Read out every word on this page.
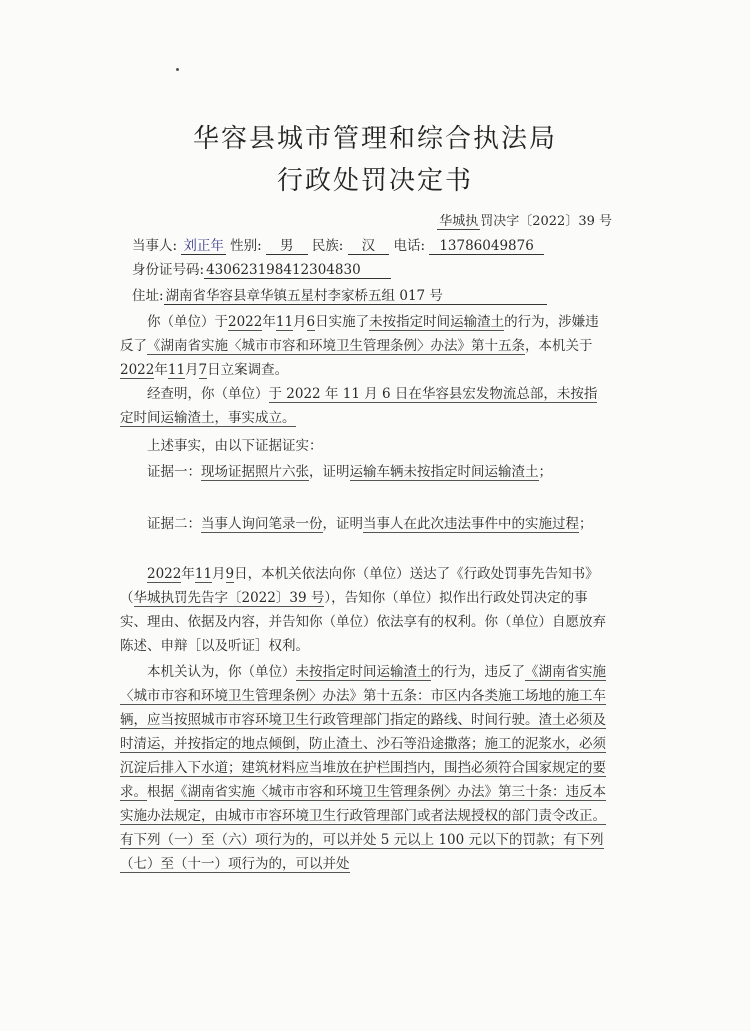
华容县城市管理和综合执法局
行政处罚决定书
华城执 罚决字〔2022〕39 号
当事人: 刘正年 性别: 男 民族: 汉 电话: 13786049876
身份证号码: 430623198412304830
住址: 湖南省华容县章华镇五星村李家桥五组 017 号
你（单位）于2022年11月6日实施了未按指定时间运输渣土的行为，涉嫌违反了《湖南省实施〈城市市容和环境卫生管理条例〉办法》第十五条，本机关于2022年11月7日立案调查。
经查明，你（单位）于 2022 年 11 月 6 日在华容县宏发物流总部，未按指定时间运输渣土，事实成立。
上述事实，由以下证据证实：
证据一：现场证据照片六张，证明运输车辆未按指定时间运输渣土；
证据二：当事人询问笔录一份，证明当事人在此次违法事件中的实施过程；
2022年11月9日，本机关依法向你（单位）送达了《行政处罚事先告知书》（华城执罚先告字〔2022〕39 号），告知你（单位）拟作出行政处罚决定的事实、理由、依据及内容，并告知你（单位）依法享有的权利。你（单位）自愿放弃陈述、申辩［以及听证］权利。
本机关认为，你（单位）未按指定时间运输渣土的行为，违反了《湖南省实施〈城市市容和环境卫生管理条例〉办法》第十五条：市区内各类施工场地的施工车辆，应当按照城市市容环境卫生行政管理部门指定的路线、时间行驶。渣土必须及时清运，并按指定的地点倾倒，防止渣土、沙石等沿途撒落；施工的泥浆水，必须沉淀后排入下水道；建筑材料应当堆放在护栏围挡内，围挡必须符合国家规定的要求。根据《湖南省实施〈城市市容和环境卫生管理条例〉办法》第三十条：违反本实施办法规定，由城市市容环境卫生行政管理部门或者法规授权的部门责令改正。有下列（一）至（六）项行为的，可以并处 5 元以上 100 元以下的罚款；有下列（七）至（十一）项行为的，可以并处
